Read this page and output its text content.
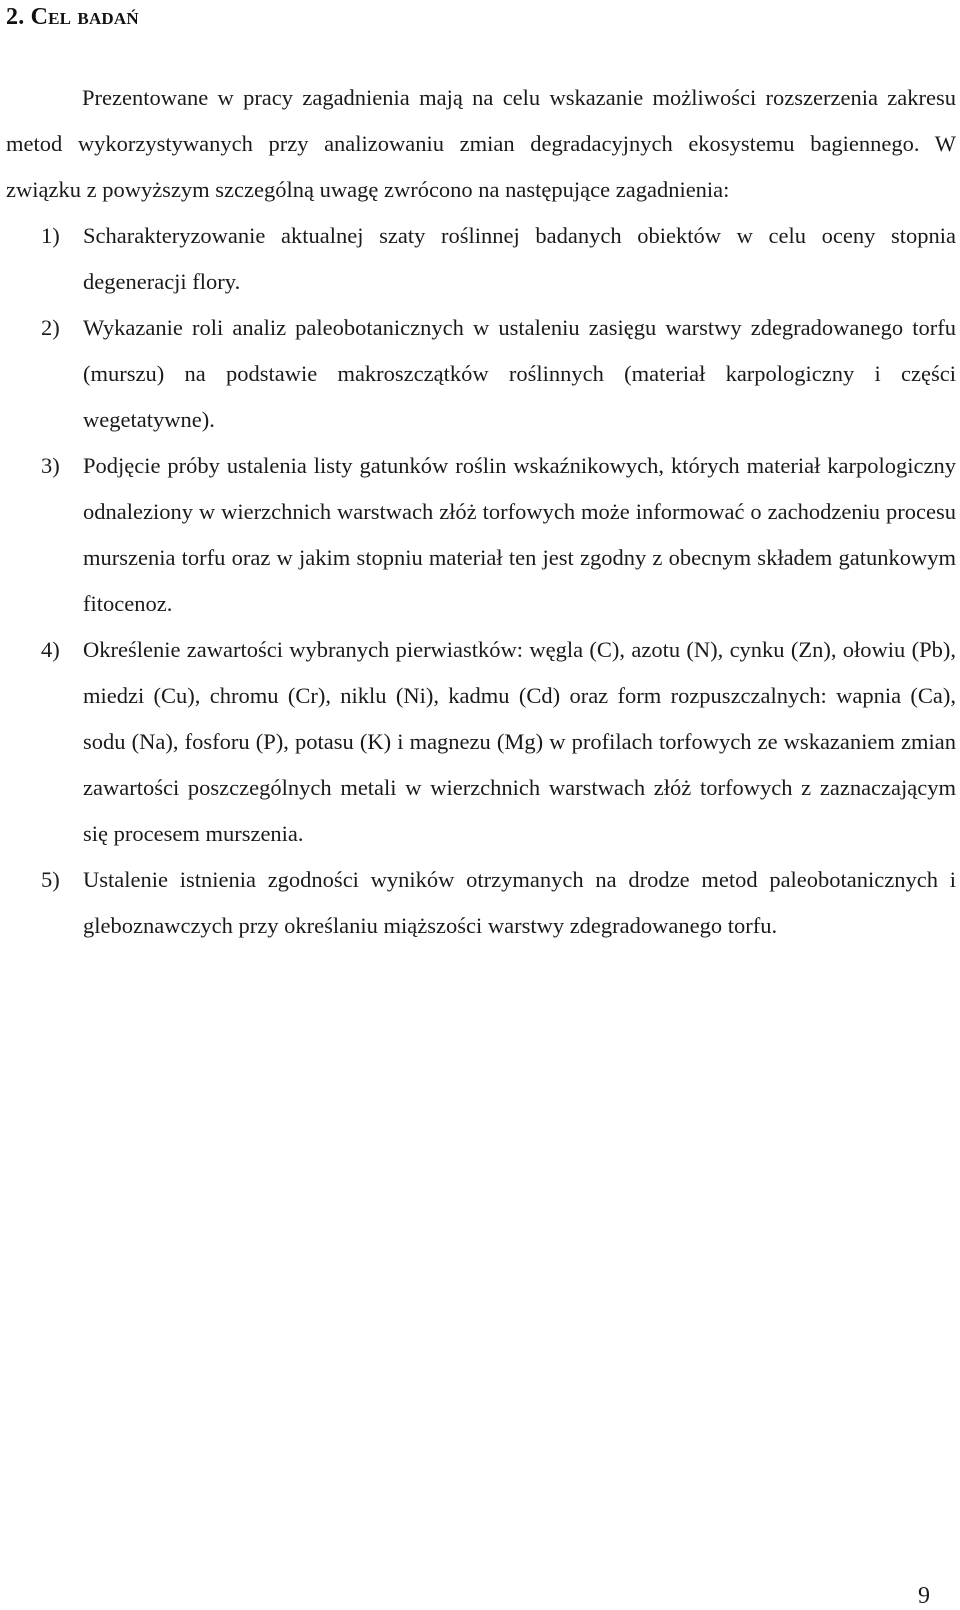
2. Cel badań

Prezentowane w pracy zagadnienia mają na celu wskazanie możliwości rozszerzenia zakresu metod wykorzystywanych przy analizowaniu zmian degradacyjnych ekosystemu bagiennego. W związku z powyższym szczególną uwagę zwrócono na następujące zagadnienia:

1) Scharakteryzowanie aktualnej szaty roślinnej badanych obiektów w celu oceny stopnia degeneracji flory.
2) Wykazanie roli analiz paleobotanicznych w ustaleniu zasięgu warstwy zdegradowanego torfu (murszu) na podstawie makroszczątków roślinnych (materiał karpologiczny i części wegetatywne).
3) Podjęcie próby ustalenia listy gatunków roślin wskaźnikowych, których materiał karpologiczny odnaleziony w wierzchnich warstwach złóż torfowych może informować o zachodzeniu procesu murszenia torfu oraz w jakim stopniu materiał ten jest zgodny z obecnym składem gatunkowym fitocenoz.
4) Określenie zawartości wybranych pierwiastków: węgla (C), azotu (N), cynku (Zn), ołowiu (Pb), miedzi (Cu), chromu (Cr), niklu (Ni), kadmu (Cd) oraz form rozpuszczalnych: wapnia (Ca), sodu (Na), fosforu (P), potasu (K) i magnezu (Mg) w profilach torfowych ze wskazaniem zmian zawartości poszczególnych metali w wierzchnich warstwach złóż torfowych z zaznaczającym się procesem murszenia.
5) Ustalenie istnienia zgodności wyników otrzymanych na drodze metod paleobotanicznych i gleboznawczych przy określaniu miąższości warstwy zdegradowanego torfu.
9
